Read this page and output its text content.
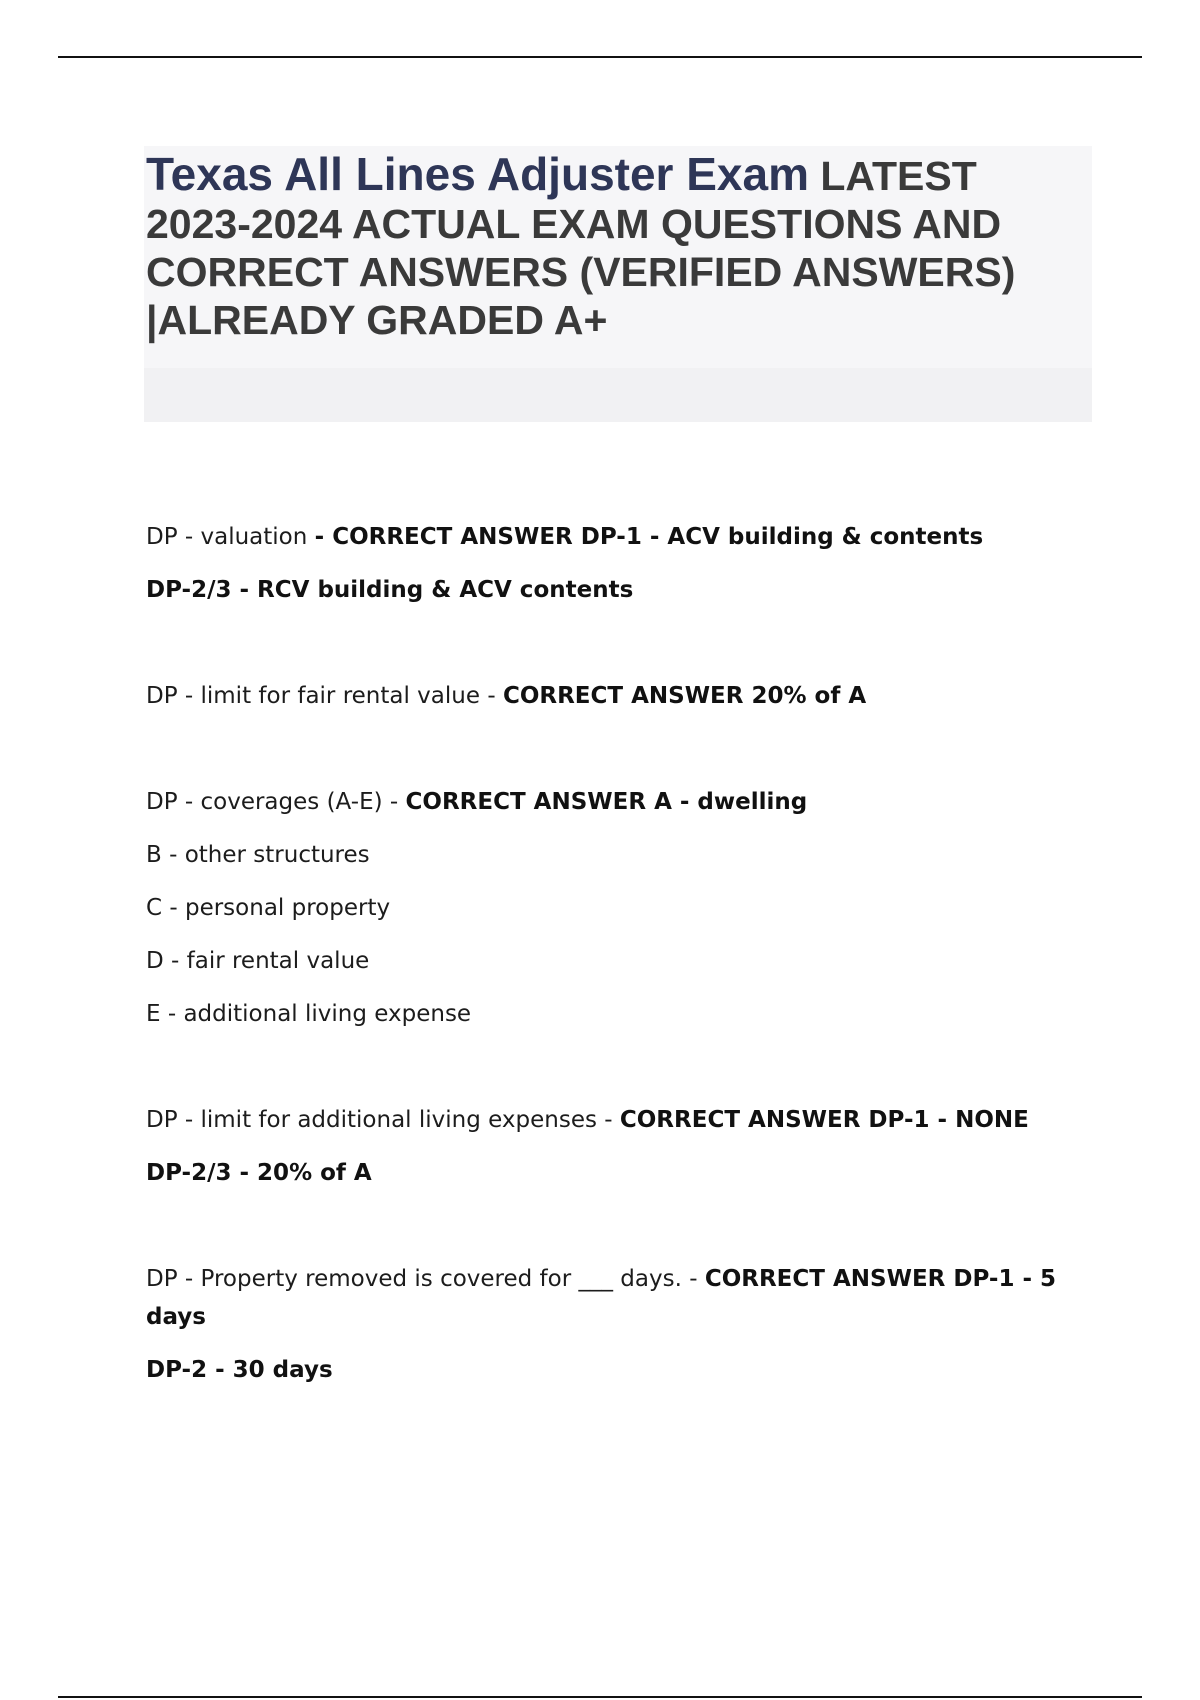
Texas All Lines Adjuster Exam LATEST 2023-2024 ACTUAL EXAM QUESTIONS AND CORRECT ANSWERS (VERIFIED ANSWERS) |ALREADY GRADED A+

DP - valuation - CORRECT ANSWER DP-1 - ACV building & contents

DP-2/3 - RCV building & ACV contents

DP - limit for fair rental value - CORRECT ANSWER 20% of A

DP - coverages (A-E) - CORRECT ANSWER A - dwelling

B - other structures

C - personal property

D - fair rental value

E - additional living expense

DP - limit for additional living expenses - CORRECT ANSWER DP-1 - NONE

DP-2/3 - 20% of A

DP - Property removed is covered for ___ days. - CORRECT ANSWER DP-1 - 5 days

DP-2 - 30 days
